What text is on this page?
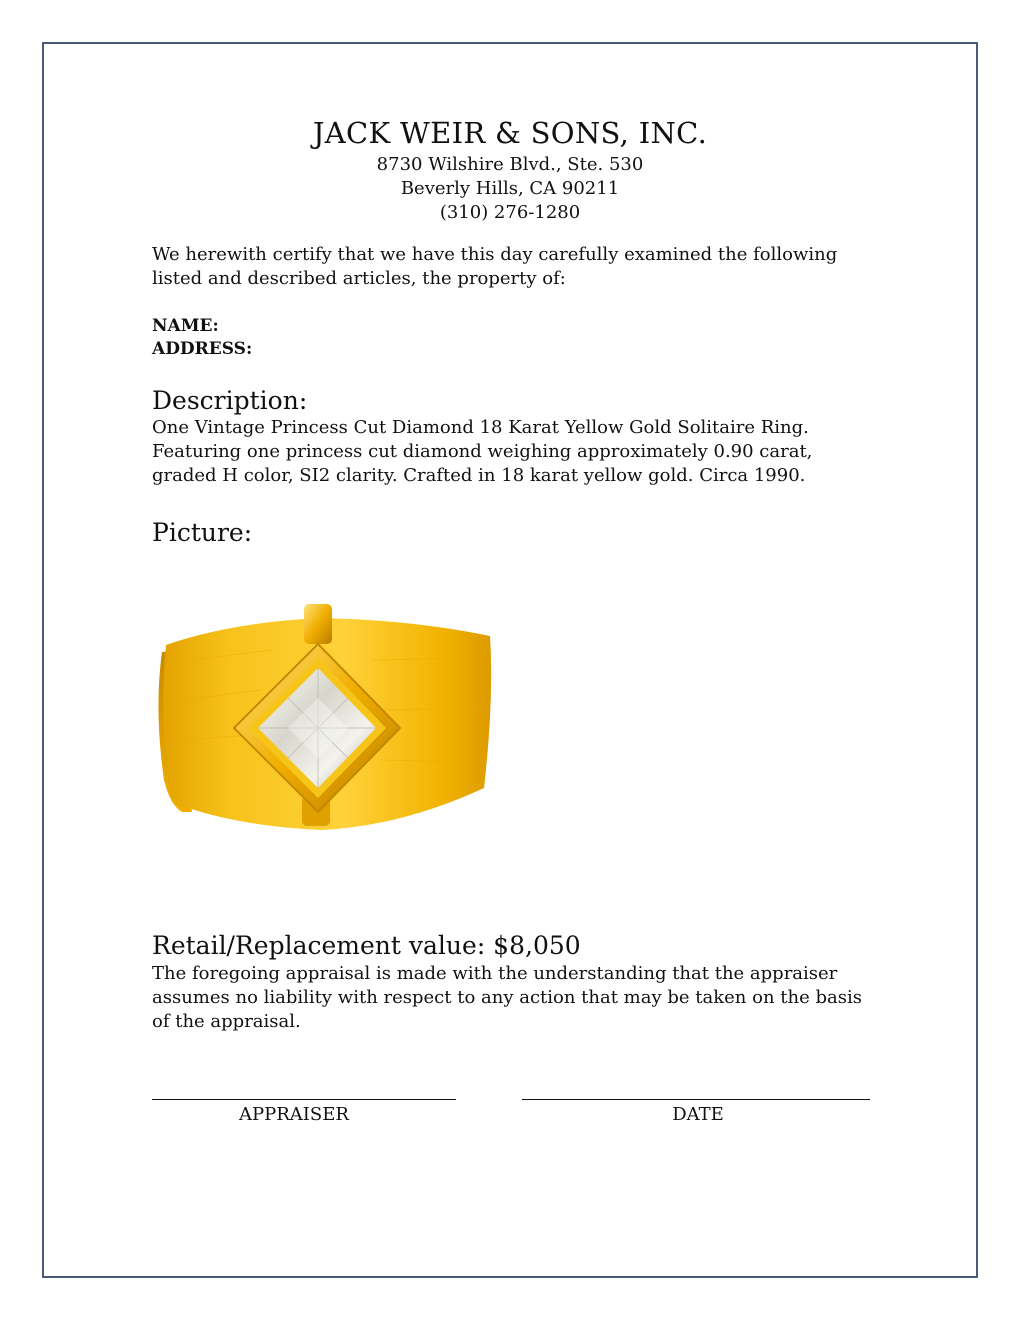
JACK WEIR & SONS, INC.
8730 Wilshire Blvd., Ste. 530
Beverly Hills, CA 90211
(310) 276-1280
We herewith certify that we have this day carefully examined the following listed and described articles, the property of:
NAME:
ADDRESS:
Description:
One Vintage Princess Cut Diamond 18 Karat Yellow Gold Solitaire Ring. Featuring one princess cut diamond weighing approximately 0.90 carat, graded H color, SI2 clarity. Crafted in 18 karat yellow gold. Circa 1990.
Picture:
Retail/Replacement value: $8,050
The foregoing appraisal is made with the understanding that the appraiser assumes no liability with respect to any action that may be taken on the basis of the appraisal.
APPRAISER	DATE
